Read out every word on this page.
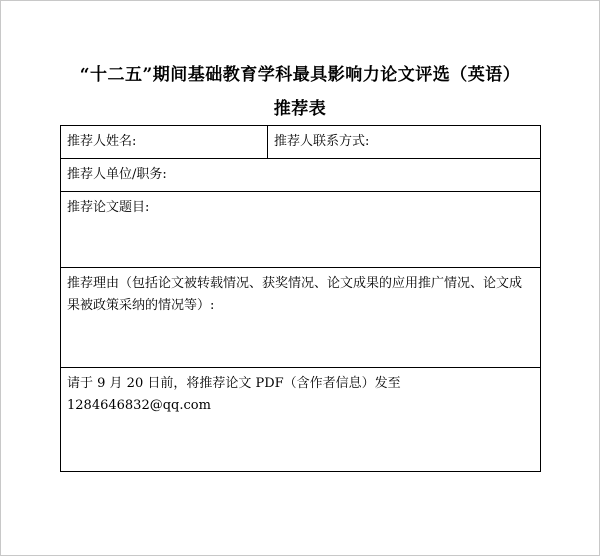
“十二五”期间基础教育学科最具影响力论文评选（英语）
推荐表
推荐人姓名:	推荐人联系方式:
推荐人单位/职务:
推荐论文题目:
推荐理由（包括论文被转载情况、获奖情况、论文成果的应用推广情况、论文成果被政策采纳的情况等）:
请于 9 月 20 日前，将推荐论文 PDF（含作者信息）发至 1284646832@qq.com
